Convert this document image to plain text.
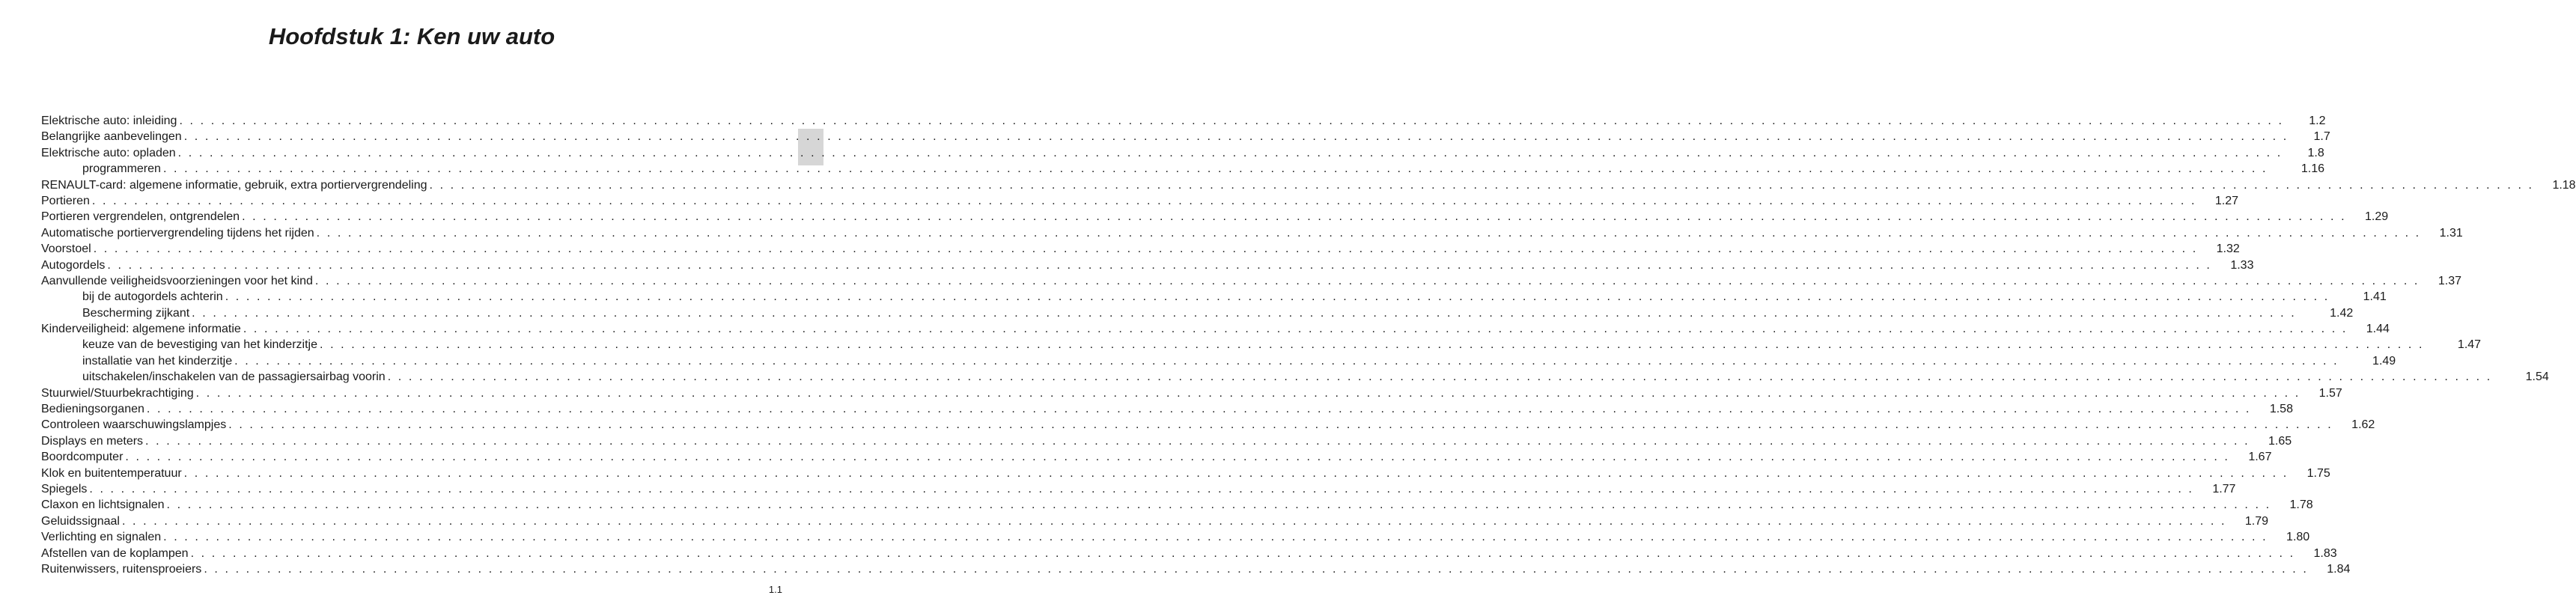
Hoofdstuk 1: Ken uw auto
Elektrische auto: inleiding . . . . . . . . . . . . . . . . . . . . . . . . . . . . . . . . . . . . . . . . . . . . . . . . . . . . . . . . . . . . . . . . . . . . . . . . . . . . . . . . . . . . . . . . . . . . . . . . . . . . . . . . . . . . . . . . . . . . . . . . . . . . . . . . . . . . . . . . . . . . . . . . . . . . . . . . . . . . . . . . . . . . . . . . . . . . . . . . . . . . . . . . . . . . . . . . . . . . . . . .	1.2
Belangrijke aanbevelingen . . . . . . . . . . . . . . . . . . . . . . . . . . . . . . . . . . . . . . . . . . . . . . . . . . . . . . . . . . . . . . . . . . . . . . . . . . . . . . . . . . . . . . . . . . . . . . . . . . . . . . . . . . . . . . . . . . . . . . . . . . . . . . . . . . . . . . . . . . . . . . . . . . . . . . . . . . . . . . . . . . . . . . . . . . . . . . . . . . . . . . . . . . . . . . . . . . . . . . . .	1.7
Elektrische auto: opladen . . . . . . . . . . . . . . . . . . . . . . . . . . . . . . . . . . . . . . . . . . . . . . . . . . . . . . . . . . . . . . . . . . . . . . . . . . . . . . . . . . . . . . . . . . . . . . . . . . . . . . . . . . . . . . . . . . . . . . . . . . . . . . . . . . . . . . . . . . . . . . . . . . . . . . . . . . . . . . . . . . . . . . . . . . . . . . . . . . . . . . . . . . . . . . . . . . . . . . . .	1.8
programmeren . . . . . . . . . . . . . . . . . . . . . . . . . . . . . . . . . . . . . . . . . . . . . . . . . . . . . . . . . . . . . . . . . . . . . . . . . . . . . . . . . . . . . . . . . . . . . . . . . . . . . . . . . . . . . . . . . . . . . . . . . . . . . . . . . . . . . . . . . . . . . . . . . . . . . . . . . . . . . . . . . . . . . . . . . . . . . . . . . . . . . . . . . . . . . . . . . . . . . . . .	1.16
RENAULT-card: algemene informatie, gebruik, extra portiervergrendeling . . . . . . . . . . . . . . . . . . . . . . . . . . . . . . . . . . . . . . . . . . . . . . . . . . . . . . . . . . . . . . . . . . . . . . . . . . . . . . . . . . . . . . . . . . . . . . . . . . . . . . . . . . . . . . . . . . . . . . . . . . . . . . . . . . . . . . . . . . . . . . . . . . . . . . . . . . . . . . . . . . . . . . . . . . . . . . . . . . . . . . . . . . . . . . . . . . . . . . . .	1.18
Portieren . . . . . . . . . . . . . . . . . . . . . . . . . . . . . . . . . . . . . . . . . . . . . . . . . . . . . . . . . . . . . . . . . . . . . . . . . . . . . . . . . . . . . . . . . . . . . . . . . . . . . . . . . . . . . . . . . . . . . . . . . . . . . . . . . . . . . . . . . . . . . . . . . . . . . . . . . . . . . . . . . . . . . . . . . . . . . . . . . . . . . . . . . . . . . . . . . . . . . . . .	1.27
Portieren vergrendelen, ontgrendelen . . . . . . . . . . . . . . . . . . . . . . . . . . . . . . . . . . . . . . . . . . . . . . . . . . . . . . . . . . . . . . . . . . . . . . . . . . . . . . . . . . . . . . . . . . . . . . . . . . . . . . . . . . . . . . . . . . . . . . . . . . . . . . . . . . . . . . . . . . . . . . . . . . . . . . . . . . . . . . . . . . . . . . . . . . . . . . . . . . . . . . . . . . . . . . . . . . . . . . . .	1.29
Automatische portiervergrendeling tijdens het rijden . . . . . . . . . . . . . . . . . . . . . . . . . . . . . . . . . . . . . . . . . . . . . . . . . . . . . . . . . . . . . . . . . . . . . . . . . . . . . . . . . . . . . . . . . . . . . . . . . . . . . . . . . . . . . . . . . . . . . . . . . . . . . . . . . . . . . . . . . . . . . . . . . . . . . . . . . . . . . . . . . . . . . . . . . . . . . . . . . . . . . . . . . . . . . . . . . . . . . . . .	1.31
Voorstoel . . . . . . . . . . . . . . . . . . . . . . . . . . . . . . . . . . . . . . . . . . . . . . . . . . . . . . . . . . . . . . . . . . . . . . . . . . . . . . . . . . . . . . . . . . . . . . . . . . . . . . . . . . . . . . . . . . . . . . . . . . . . . . . . . . . . . . . . . . . . . . . . . . . . . . . . . . . . . . . . . . . . . . . . . . . . . . . . . . . . . . . . . . . . . . . . . . . . . . . .	1.32
Autogordels . . . . . . . . . . . . . . . . . . . . . . . . . . . . . . . . . . . . . . . . . . . . . . . . . . . . . . . . . . . . . . . . . . . . . . . . . . . . . . . . . . . . . . . . . . . . . . . . . . . . . . . . . . . . . . . . . . . . . . . . . . . . . . . . . . . . . . . . . . . . . . . . . . . . . . . . . . . . . . . . . . . . . . . . . . . . . . . . . . . . . . . . . . . . . . . . . . . . . . . .	1.33
Aanvullende veiligheidsvoorzieningen voor het kind . . . . . . . . . . . . . . . . . . . . . . . . . . . . . . . . . . . . . . . . . . . . . . . . . . . . . . . . . . . . . . . . . . . . . . . . . . . . . . . . . . . . . . . . . . . . . . . . . . . . . . . . . . . . . . . . . . . . . . . . . . . . . . . . . . . . . . . . . . . . . . . . . . . . . . . . . . . . . . . . . . . . . . . . . . . . . . . . . . . . . . . . . . . . . . . . . . . . . . . .	1.37
bij de autogordels achterin . . . . . . . . . . . . . . . . . . . . . . . . . . . . . . . . . . . . . . . . . . . . . . . . . . . . . . . . . . . . . . . . . . . . . . . . . . . . . . . . . . . . . . . . . . . . . . . . . . . . . . . . . . . . . . . . . . . . . . . . . . . . . . . . . . . . . . . . . . . . . . . . . . . . . . . . . . . . . . . . . . . . . . . . . . . . . . . . . . . . . . . . . . . . . . . . . . . . . . . .	1.41
Bescherming zijkant . . . . . . . . . . . . . . . . . . . . . . . . . . . . . . . . . . . . . . . . . . . . . . . . . . . . . . . . . . . . . . . . . . . . . . . . . . . . . . . . . . . . . . . . . . . . . . . . . . . . . . . . . . . . . . . . . . . . . . . . . . . . . . . . . . . . . . . . . . . . . . . . . . . . . . . . . . . . . . . . . . . . . . . . . . . . . . . . . . . . . . . . . . . . . . . . . . . . . . . .	1.42
Kinderveiligheid: algemene informatie . . . . . . . . . . . . . . . . . . . . . . . . . . . . . . . . . . . . . . . . . . . . . . . . . . . . . . . . . . . . . . . . . . . . . . . . . . . . . . . . . . . . . . . . . . . . . . . . . . . . . . . . . . . . . . . . . . . . . . . . . . . . . . . . . . . . . . . . . . . . . . . . . . . . . . . . . . . . . . . . . . . . . . . . . . . . . . . . . . . . . . . . . . . . . . . . . . . . . . . .	1.44
keuze van de bevestiging van het kinderzitje . . . . . . . . . . . . . . . . . . . . . . . . . . . . . . . . . . . . . . . . . . . . . . . . . . . . . . . . . . . . . . . . . . . . . . . . . . . . . . . . . . . . . . . . . . . . . . . . . . . . . . . . . . . . . . . . . . . . . . . . . . . . . . . . . . . . . . . . . . . . . . . . . . . . . . . . . . . . . . . . . . . . . . . . . . . . . . . . . . . . . . . . . . . . . . . . . . . . . . . .	1.47
installatie van het kinderzitje . . . . . . . . . . . . . . . . . . . . . . . . . . . . . . . . . . . . . . . . . . . . . . . . . . . . . . . . . . . . . . . . . . . . . . . . . . . . . . . . . . . . . . . . . . . . . . . . . . . . . . . . . . . . . . . . . . . . . . . . . . . . . . . . . . . . . . . . . . . . . . . . . . . . . . . . . . . . . . . . . . . . . . . . . . . . . . . . . . . . . . . . . . . . . . . . . . . . . . . .	1.49
uitschakelen/inschakelen van de passagiersairbag voorin . . . . . . . . . . . . . . . . . . . . . . . . . . . . . . . . . . . . . . . . . . . . . . . . . . . . . . . . . . . . . . . . . . . . . . . . . . . . . . . . . . . . . . . . . . . . . . . . . . . . . . . . . . . . . . . . . . . . . . . . . . . . . . . . . . . . . . . . . . . . . . . . . . . . . . . . . . . . . . . . . . . . . . . . . . . . . . . . . . . . . . . . . . . . . . . . . . . . . . . .	1.54
Stuurwiel/Stuurbekrachtiging . . . . . . . . . . . . . . . . . . . . . . . . . . . . . . . . . . . . . . . . . . . . . . . . . . . . . . . . . . . . . . . . . . . . . . . . . . . . . . . . . . . . . . . . . . . . . . . . . . . . . . . . . . . . . . . . . . . . . . . . . . . . . . . . . . . . . . . . . . . . . . . . . . . . . . . . . . . . . . . . . . . . . . . . . . . . . . . . . . . . . . . . . . . . . . . . . . . . . . . .	1.57
Bedieningsorganen . . . . . . . . . . . . . . . . . . . . . . . . . . . . . . . . . . . . . . . . . . . . . . . . . . . . . . . . . . . . . . . . . . . . . . . . . . . . . . . . . . . . . . . . . . . . . . . . . . . . . . . . . . . . . . . . . . . . . . . . . . . . . . . . . . . . . . . . . . . . . . . . . . . . . . . . . . . . . . . . . . . . . . . . . . . . . . . . . . . . . . . . . . . . . . . . . . . . . . . .	1.58
Controleen waarschuwingslampjes . . . . . . . . . . . . . . . . . . . . . . . . . . . . . . . . . . . . . . . . . . . . . . . . . . . . . . . . . . . . . . . . . . . . . . . . . . . . . . . . . . . . . . . . . . . . . . . . . . . . . . . . . . . . . . . . . . . . . . . . . . . . . . . . . . . . . . . . . . . . . . . . . . . . . . . . . . . . . . . . . . . . . . . . . . . . . . . . . . . . . . . . . . . . . . . . . . . . . . . .	1.62
Displays en meters . . . . . . . . . . . . . . . . . . . . . . . . . . . . . . . . . . . . . . . . . . . . . . . . . . . . . . . . . . . . . . . . . . . . . . . . . . . . . . . . . . . . . . . . . . . . . . . . . . . . . . . . . . . . . . . . . . . . . . . . . . . . . . . . . . . . . . . . . . . . . . . . . . . . . . . . . . . . . . . . . . . . . . . . . . . . . . . . . . . . . . . . . . . . . . . . . . . . . . . .	1.65
Boordcomputer . . . . . . . . . . . . . . . . . . . . . . . . . . . . . . . . . . . . . . . . . . . . . . . . . . . . . . . . . . . . . . . . . . . . . . . . . . . . . . . . . . . . . . . . . . . . . . . . . . . . . . . . . . . . . . . . . . . . . . . . . . . . . . . . . . . . . . . . . . . . . . . . . . . . . . . . . . . . . . . . . . . . . . . . . . . . . . . . . . . . . . . . . . . . . . . . . . . . . . . .	1.67
Klok en buitentemperatuur . . . . . . . . . . . . . . . . . . . . . . . . . . . . . . . . . . . . . . . . . . . . . . . . . . . . . . . . . . . . . . . . . . . . . . . . . . . . . . . . . . . . . . . . . . . . . . . . . . . . . . . . . . . . . . . . . . . . . . . . . . . . . . . . . . . . . . . . . . . . . . . . . . . . . . . . . . . . . . . . . . . . . . . . . . . . . . . . . . . . . . . . . . . . . . . . . . . . . . . .	1.75
Spiegels . . . . . . . . . . . . . . . . . . . . . . . . . . . . . . . . . . . . . . . . . . . . . . . . . . . . . . . . . . . . . . . . . . . . . . . . . . . . . . . . . . . . . . . . . . . . . . . . . . . . . . . . . . . . . . . . . . . . . . . . . . . . . . . . . . . . . . . . . . . . . . . . . . . . . . . . . . . . . . . . . . . . . . . . . . . . . . . . . . . . . . . . . . . . . . . . . . . . . . . .	1.77
Claxon en lichtsignalen . . . . . . . . . . . . . . . . . . . . . . . . . . . . . . . . . . . . . . . . . . . . . . . . . . . . . . . . . . . . . . . . . . . . . . . . . . . . . . . . . . . . . . . . . . . . . . . . . . . . . . . . . . . . . . . . . . . . . . . . . . . . . . . . . . . . . . . . . . . . . . . . . . . . . . . . . . . . . . . . . . . . . . . . . . . . . . . . . . . . . . . . . . . . . . . . . . . . . . . .	1.78
Geluidssignaal . . . . . . . . . . . . . . . . . . . . . . . . . . . . . . . . . . . . . . . . . . . . . . . . . . . . . . . . . . . . . . . . . . . . . . . . . . . . . . . . . . . . . . . . . . . . . . . . . . . . . . . . . . . . . . . . . . . . . . . . . . . . . . . . . . . . . . . . . . . . . . . . . . . . . . . . . . . . . . . . . . . . . . . . . . . . . . . . . . . . . . . . . . . . . . . . . . . . . . . .	1.79
Verlichting en signalen . . . . . . . . . . . . . . . . . . . . . . . . . . . . . . . . . . . . . . . . . . . . . . . . . . . . . . . . . . . . . . . . . . . . . . . . . . . . . . . . . . . . . . . . . . . . . . . . . . . . . . . . . . . . . . . . . . . . . . . . . . . . . . . . . . . . . . . . . . . . . . . . . . . . . . . . . . . . . . . . . . . . . . . . . . . . . . . . . . . . . . . . . . . . . . . . . . . . . . . .	1.80
Afstellen van de koplampen . . . . . . . . . . . . . . . . . . . . . . . . . . . . . . . . . . . . . . . . . . . . . . . . . . . . . . . . . . . . . . . . . . . . . . . . . . . . . . . . . . . . . . . . . . . . . . . . . . . . . . . . . . . . . . . . . . . . . . . . . . . . . . . . . . . . . . . . . . . . . . . . . . . . . . . . . . . . . . . . . . . . . . . . . . . . . . . . . . . . . . . . . . . . . . . . . . . . . . . .	1.83
Ruitenwissers, ruitensproeiers . . . . . . . . . . . . . . . . . . . . . . . . . . . . . . . . . . . . . . . . . . . . . . . . . . . . . . . . . . . . . . . . . . . . . . . . . . . . . . . . . . . . . . . . . . . . . . . . . . . . . . . . . . . . . . . . . . . . . . . . . . . . . . . . . . . . . . . . . . . . . . . . . . . . . . . . . . . . . . . . . . . . . . . . . . . . . . . . . . . . . . . . . . . . . . . . . . . . . . . .	1.84
1.1
